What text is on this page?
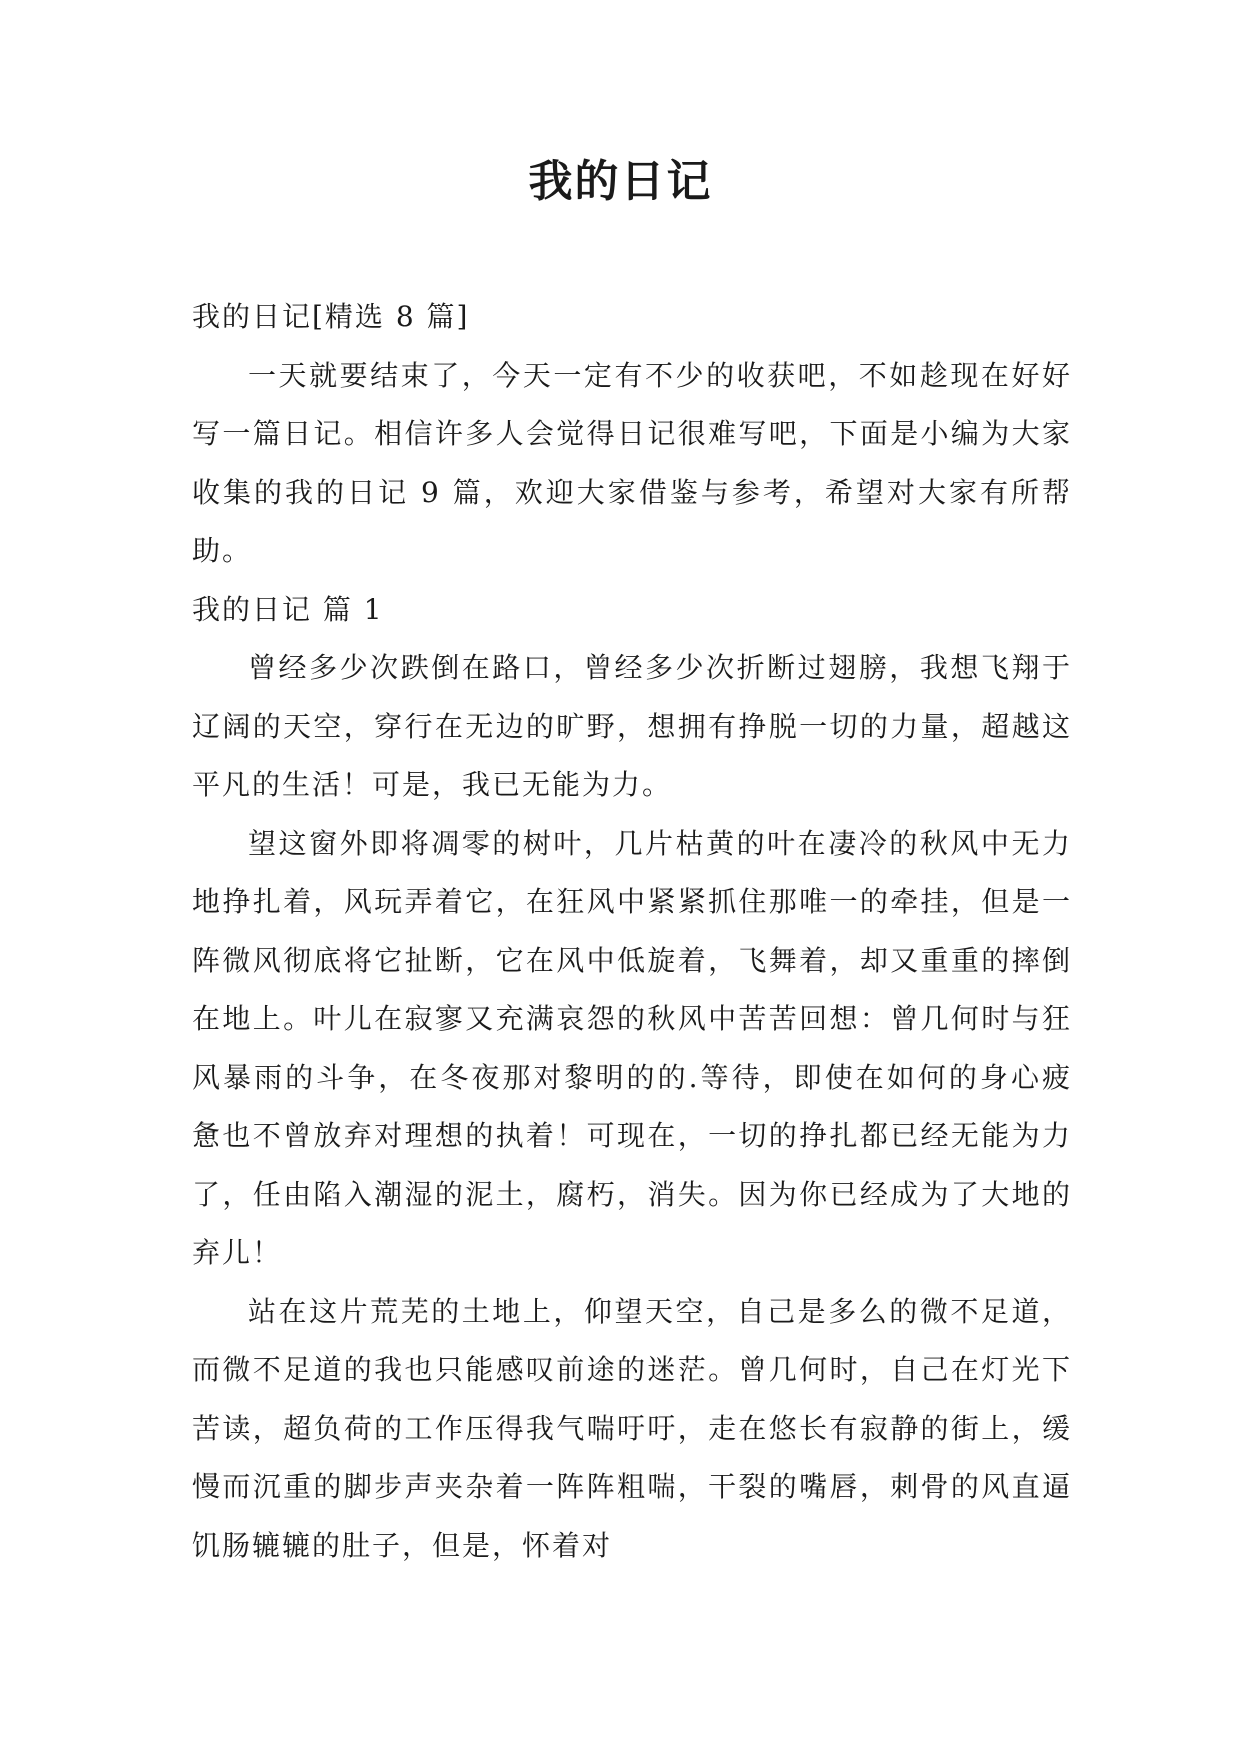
我的日记

我的日记[精选 8 篇]

一天就要结束了，今天一定有不少的收获吧，不如趁现在好好写一篇日记。相信许多人会觉得日记很难写吧，下面是小编为大家收集的我的日记 9 篇，欢迎大家借鉴与参考，希望对大家有所帮助。

我的日记 篇 1

曾经多少次跌倒在路口，曾经多少次折断过翅膀，我想飞翔于辽阔的天空，穿行在无边的旷野，想拥有挣脱一切的力量，超越这平凡的生活！可是，我已无能为力。

望这窗外即将凋零的树叶，几片枯黄的叶在凄冷的秋风中无力地挣扎着，风玩弄着它，在狂风中紧紧抓住那唯一的牵挂，但是一阵微风彻底将它扯断，它在风中低旋着，飞舞着，却又重重的摔倒在地上。叶儿在寂寥又充满哀怨的秋风中苦苦回想：曾几何时与狂风暴雨的斗争，在冬夜那对黎明的的.等待，即使在如何的身心疲惫也不曾放弃对理想的执着！可现在，一切的挣扎都已经无能为力了，任由陷入潮湿的泥土，腐朽，消失。因为你已经成为了大地的弃儿！

站在这片荒芜的土地上，仰望天空，自己是多么的微不足道，而微不足道的我也只能感叹前途的迷茫。曾几何时，自己在灯光下苦读，超负荷的工作压得我气喘吁吁，走在悠长有寂静的街上，缓慢而沉重的脚步声夹杂着一阵阵粗喘，干裂的嘴唇，刺骨的风直逼饥肠辘辘的肚子，但是，怀着对
